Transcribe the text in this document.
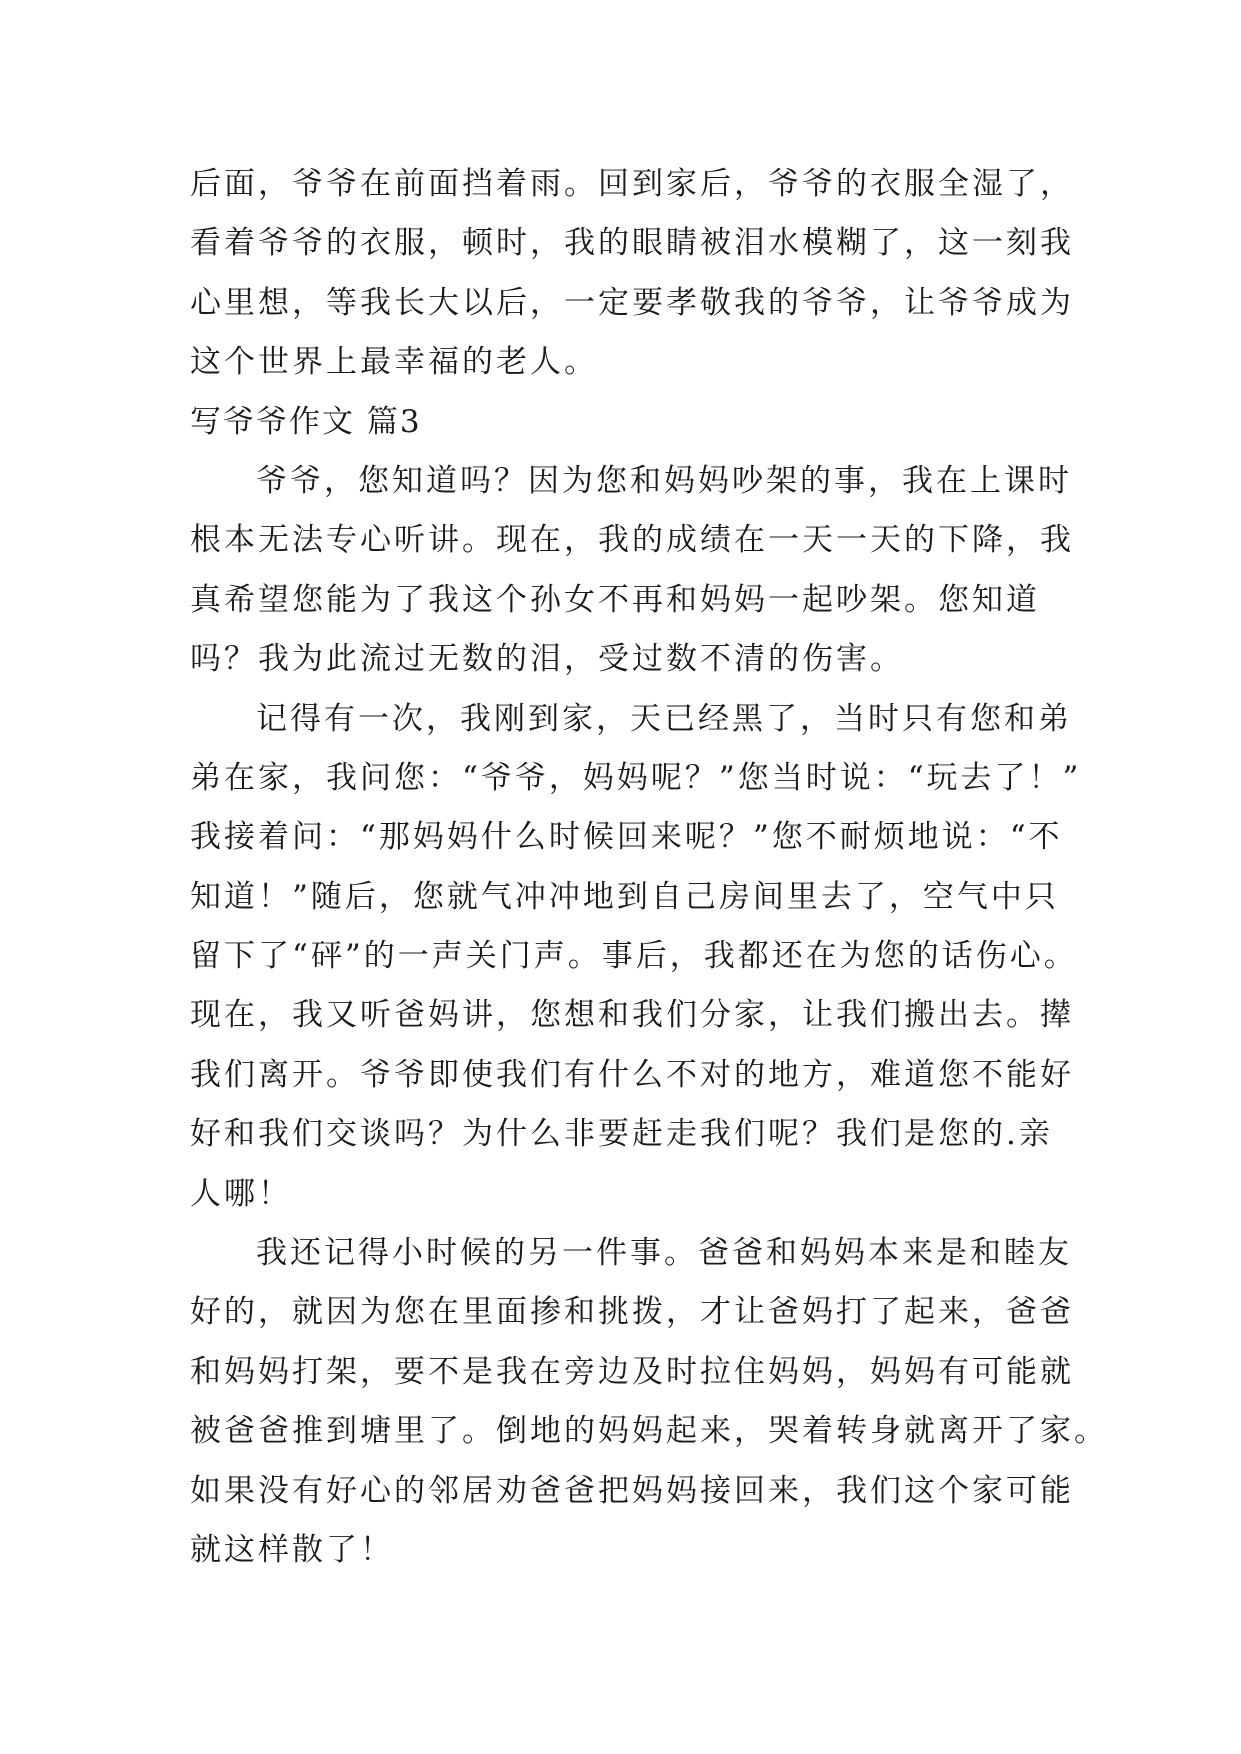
后面，爷爷在前面挡着雨。回到家后，爷爷的衣服全湿了，
看着爷爷的衣服，顿时，我的眼睛被泪水模糊了，这一刻我
心里想，等我长大以后，一定要孝敬我的爷爷，让爷爷成为
这个世界上最幸福的老人。
写爷爷作文 篇3
爷爷，您知道吗？因为您和妈妈吵架的事，我在上课时
根本无法专心听讲。现在，我的成绩在一天一天的下降，我
真希望您能为了我这个孙女不再和妈妈一起吵架。您知道
吗？我为此流过无数的泪，受过数不清的伤害。
记得有一次，我刚到家，天已经黑了，当时只有您和弟
弟在家，我问您：“爷爷，妈妈呢？”您当时说：“玩去了！”
我接着问：“那妈妈什么时候回来呢？”您不耐烦地说：“不
知道！”随后，您就气冲冲地到自己房间里去了，空气中只
留下了“砰”的一声关门声。事后，我都还在为您的话伤心。
现在，我又听爸妈讲，您想和我们分家，让我们搬出去。撵
我们离开。爷爷即使我们有什么不对的地方，难道您不能好
好和我们交谈吗？为什么非要赶走我们呢？我们是您的.亲
人哪！
我还记得小时候的另一件事。爸爸和妈妈本来是和睦友
好的，就因为您在里面掺和挑拨，才让爸妈打了起来，爸爸
和妈妈打架，要不是我在旁边及时拉住妈妈，妈妈有可能就
被爸爸推到塘里了。倒地的妈妈起来，哭着转身就离开了家。
如果没有好心的邻居劝爸爸把妈妈接回来，我们这个家可能
就这样散了！
